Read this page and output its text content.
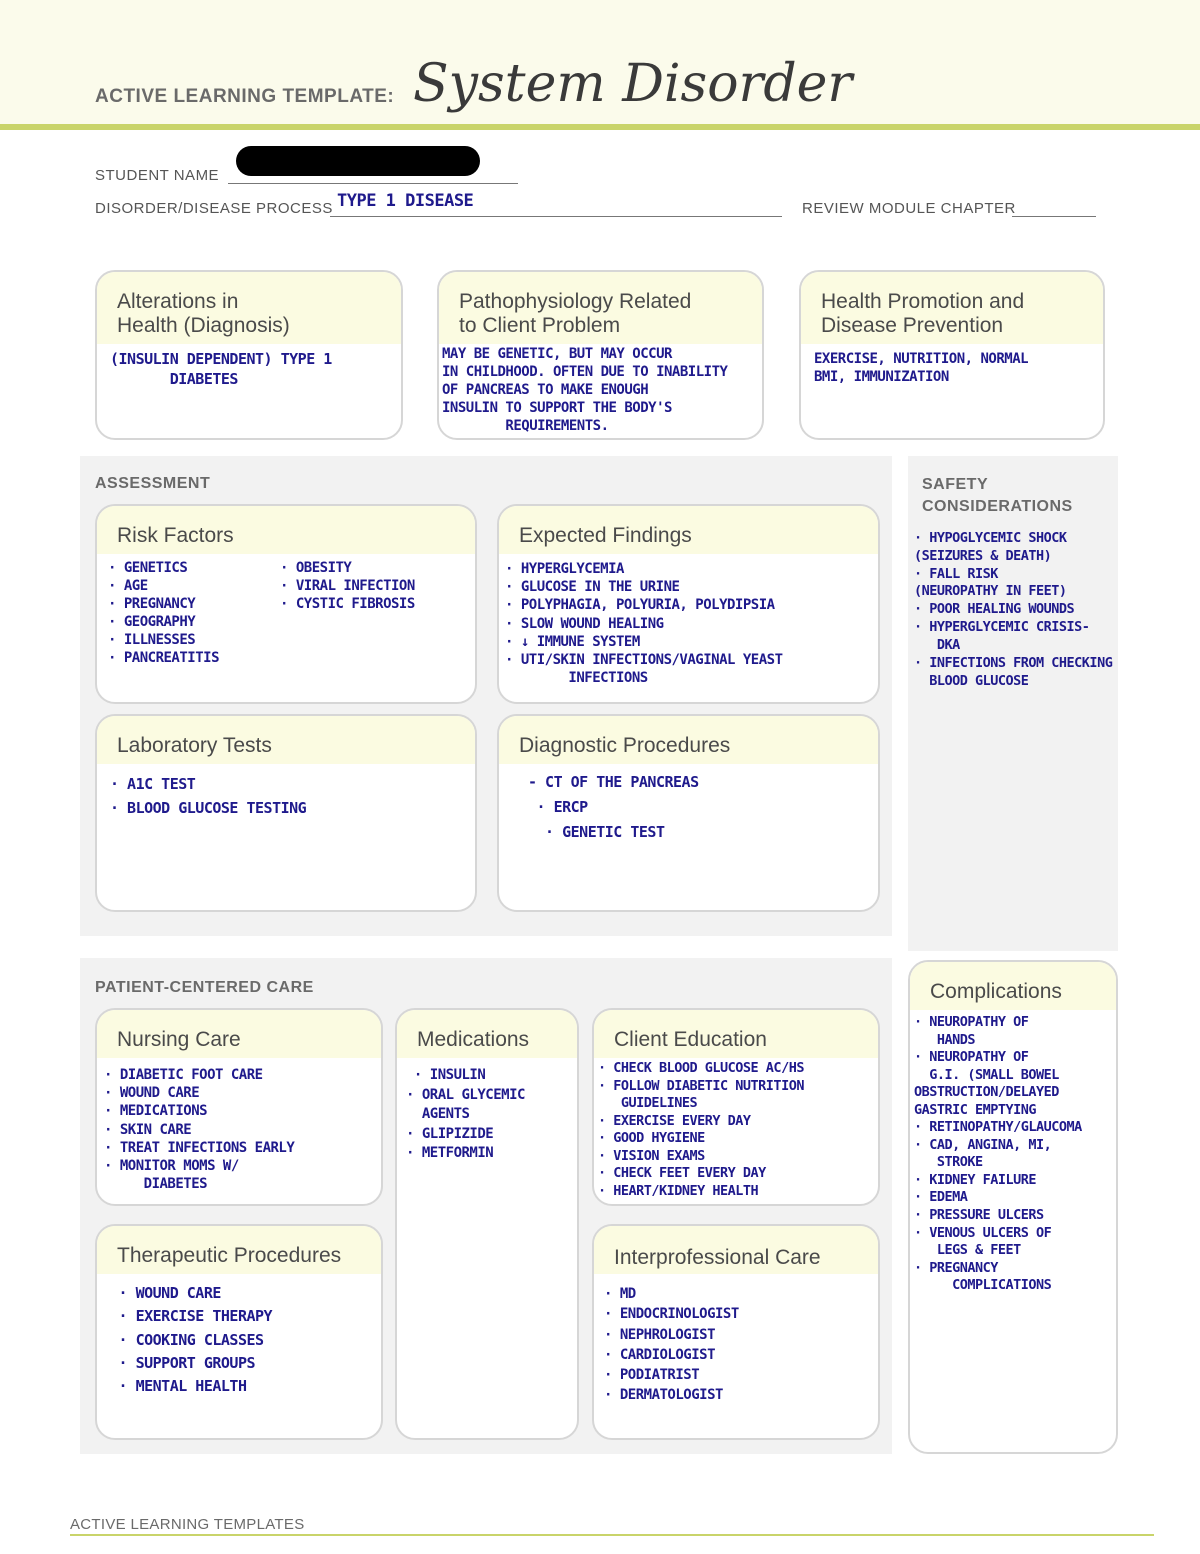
ACTIVE LEARNING TEMPLATE: System Disorder
STUDENT NAME
DISORDER/DISEASE PROCESS TYPE 1 DISEASE	REVIEW MODULE CHAPTER
Alterations in
Health (Diagnosis)
(INSULIN DEPENDENT) TYPE 1
DIABETES
Pathophysiology Related
to Client Problem
MAY BE GENETIC, BUT MAY OCCUR
IN CHILDHOOD. OFTEN DUE TO INABILITY
OF PANCREAS TO MAKE ENOUGH
INSULIN TO SUPPORT THE BODY'S
REQUIREMENTS.
Health Promotion and
Disease Prevention
EXERCISE, NUTRITION, NORMAL
BMI, IMMUNIZATION
ASSESSMENT
Risk Factors
· GENETICS
· AGE
· PREGNANCY
· GEOGRAPHY
· ILLNESSES
· PANCREATITIS
· OBESITY
· VIRAL INFECTION
· CYSTIC FIBROSIS
Expected Findings
· HYPERGLYCEMIA
· GLUCOSE IN THE URINE
· POLYPHAGIA, POLYURIA, POLYDIPSIA
· SLOW WOUND HEALING
· ↓ IMMUNE SYSTEM
· UTI/SKIN INFECTIONS/VAGINAL YEAST
INFECTIONS
Laboratory Tests
· A1C TEST
· BLOOD GLUCOSE TESTING
Diagnostic Procedures
- CT OF THE PANCREAS
· ERCP
· GENETIC TEST
SAFETY
CONSIDERATIONS
· HYPOGLYCEMIC SHOCK
(SEIZURES & DEATH)
· FALL RISK
(NEUROPATHY IN FEET)
· POOR HEALING WOUNDS
· HYPERGLYCEMIC CRISIS-
DKA
· INFECTIONS FROM CHECKING
BLOOD GLUCOSE
PATIENT-CENTERED CARE
Nursing Care
· DIABETIC FOOT CARE
· WOUND CARE
· MEDICATIONS
· SKIN CARE
· TREAT INFECTIONS EARLY
· MONITOR MOMS W/
DIABETES
Medications
· INSULIN
· ORAL GLYCEMIC
AGENTS
· GLIPIZIDE
· METFORMIN
Client Education
Therapeutic Procedures
· WOUND CARE
· EXERCISE THERAPY
· COOKING CLASSES
· SUPPORT GROUPS
· MENTAL HEALTH

· MD
· ENDOCRINOLOGIST
· NEPHROLOGIST
· CARDIOLOGIST
· PODIATRIST
· DERMATOLOGIST
Interprofessional Care
· CHECK BLOOD GLUCOSE AC/HS
· FOLLOW DIABETIC NUTRITION
GUIDELINES
· EXERCISE EVERY DAY
· GOOD HYGIENE
· VISION EXAMS
· CHECK FEET EVERY DAY
· HEART/KIDNEY HEALTH
Complications
· NEUROPATHY OF
HANDS
· NEUROPATHY OF
G.I. (SMALL BOWEL
OBSTRUCTION/DELAYED
GASTRIC EMPTYING
· RETINOPATHY/GLAUCOMA
· CAD, ANGINA, MI,
STROKE
· KIDNEY FAILURE
· EDEMA
· PRESSURE ULCERS
· VENOUS ULCERS OF
LEGS & FEET
· PREGNANCY
COMPLICATIONS
ACTIVE LEARNING TEMPLATES
